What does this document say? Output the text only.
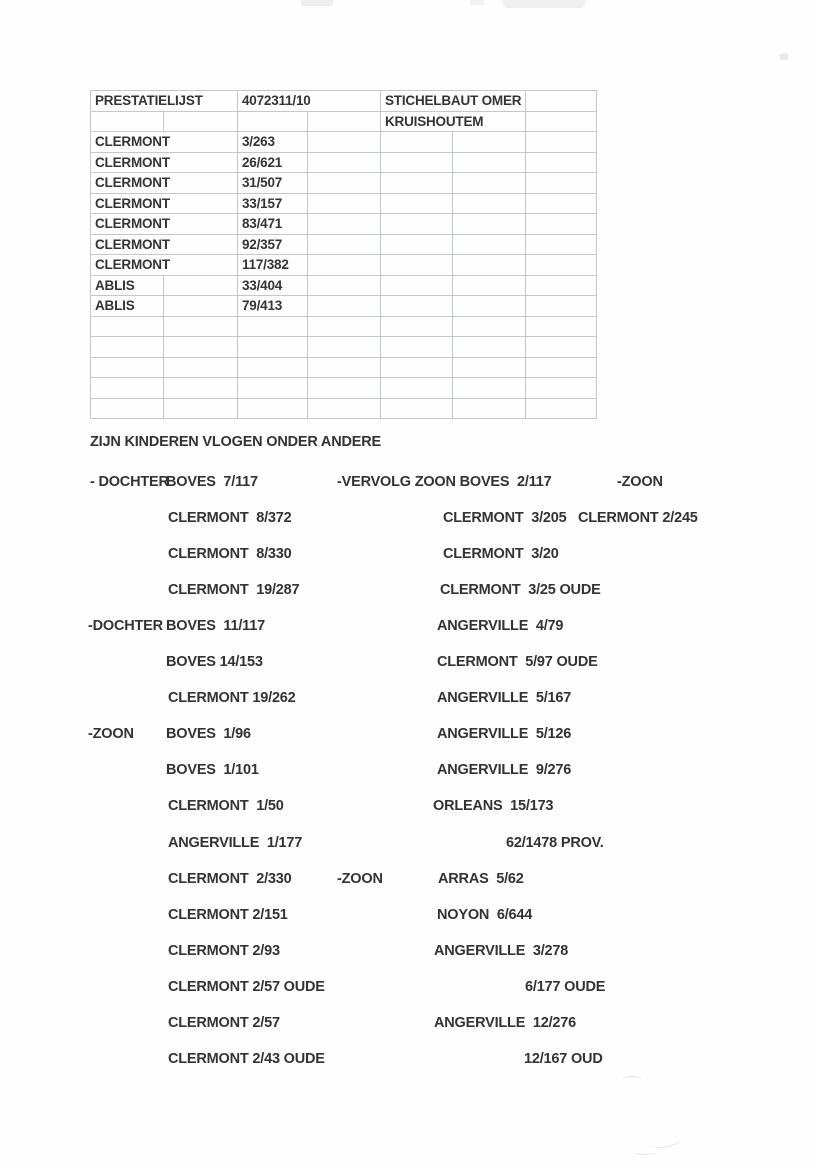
PRESTATIELIJST		4072311/10		STICHELBAUT OMER		
				KRUISHOUTEM		
CLERMONT		3/263				
CLERMONT		26/621				
CLERMONT		31/507				
CLERMONT		33/157				
CLERMONT		83/471				
CLERMONT		92/357				
CLERMONT		117/382				
ABLIS		33/404				
ABLIS		79/413				

ZIJN KINDEREN VLOGEN ONDER ANDERE
- DOCHTER
BOVES  7/117	-VERVOLG ZOON BOVES  2/117	-ZOON
CLERMONT  8/372	CLERMONT  3/205 CLERMONT 2/245
CLERMONT  8/330	CLERMONT  3/20
CLERMONT  19/287	CLERMONT  3/25 OUDE
-DOCHTER BOVES  11/117	ANGERVILLE  4/79
BOVES 14/153	CLERMONT  5/97 OUDE
CLERMONT 19/262	ANGERVILLE  5/167
-ZOON BOVES  1/96	ANGERVILLE  5/126
BOVES  1/101	ANGERVILLE  9/276
CLERMONT  1/50	ORLEANS  15/173
ANGERVILLE  1/177	62/1478 PROV.
CLERMONT  2/330	-ZOON	ARRAS  5/62
CLERMONT 2/151	NOYON  6/644
CLERMONT 2/93	ANGERVILLE  3/278
CLERMONT 2/57 OUDE	6/177 OUDE
CLERMONT 2/57	ANGERVILLE  12/276
CLERMONT 2/43 OUDE	12/167 OUD
